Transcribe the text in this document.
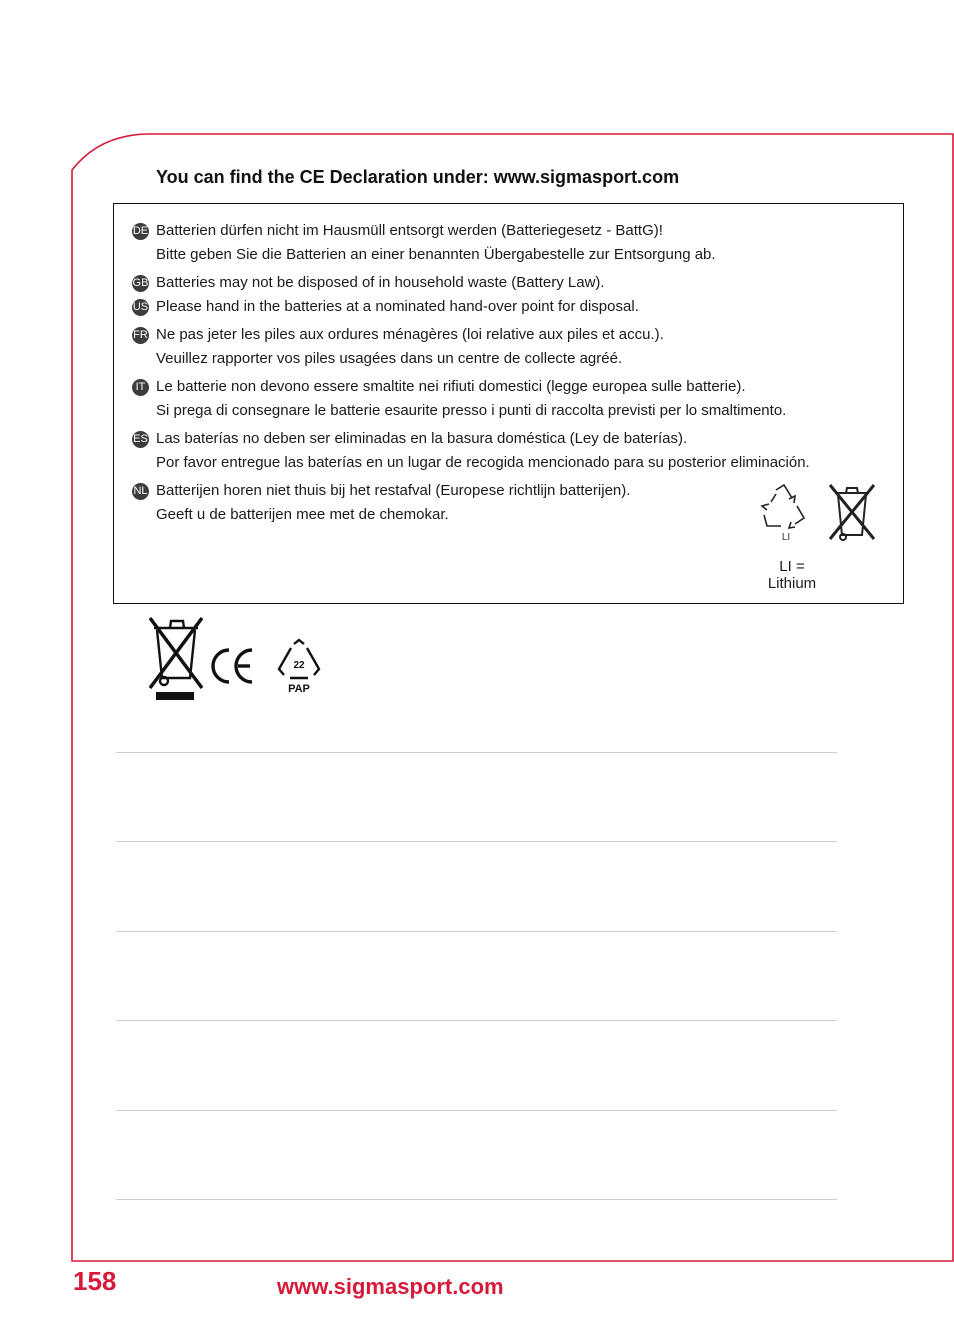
You can find the CE Declaration under: www.sigmasport.com
DE Batterien dürfen nicht im Hausmüll entsorgt werden (Batteriegesetz - BattG)!
Bitte geben Sie die Batterien an einer benannten Übergabestelle zur Entsorgung ab.
GB Batteries may not be disposed of in household waste (Battery Law).
US Please hand in the batteries at a nominated hand-over point for disposal.
FR Ne pas jeter les piles aux ordures ménagères (loi relative aux piles et accu.).
Veuillez rapporter vos piles usagées dans un centre de collecte agréé.
IT Le batterie non devono essere smaltite nei rifiuti domestici (legge europea sulle batterie).
Si prega di consegnare le batterie esaurite presso i punti di raccolta previsti per lo smaltimento.
ES Las baterías no deben ser eliminadas en la basura doméstica (Ley de baterías).
Por favor entregue las baterías en un lugar de recogida mencionado para su posterior eliminación.
NL Batterijen horen niet thuis bij het restafval (Europese richtlijn batterijen).
Geeft u de batterijen mee met de chemokar.
LI
LI =
Lithium
22
PAP
158	www.sigmasport.com
